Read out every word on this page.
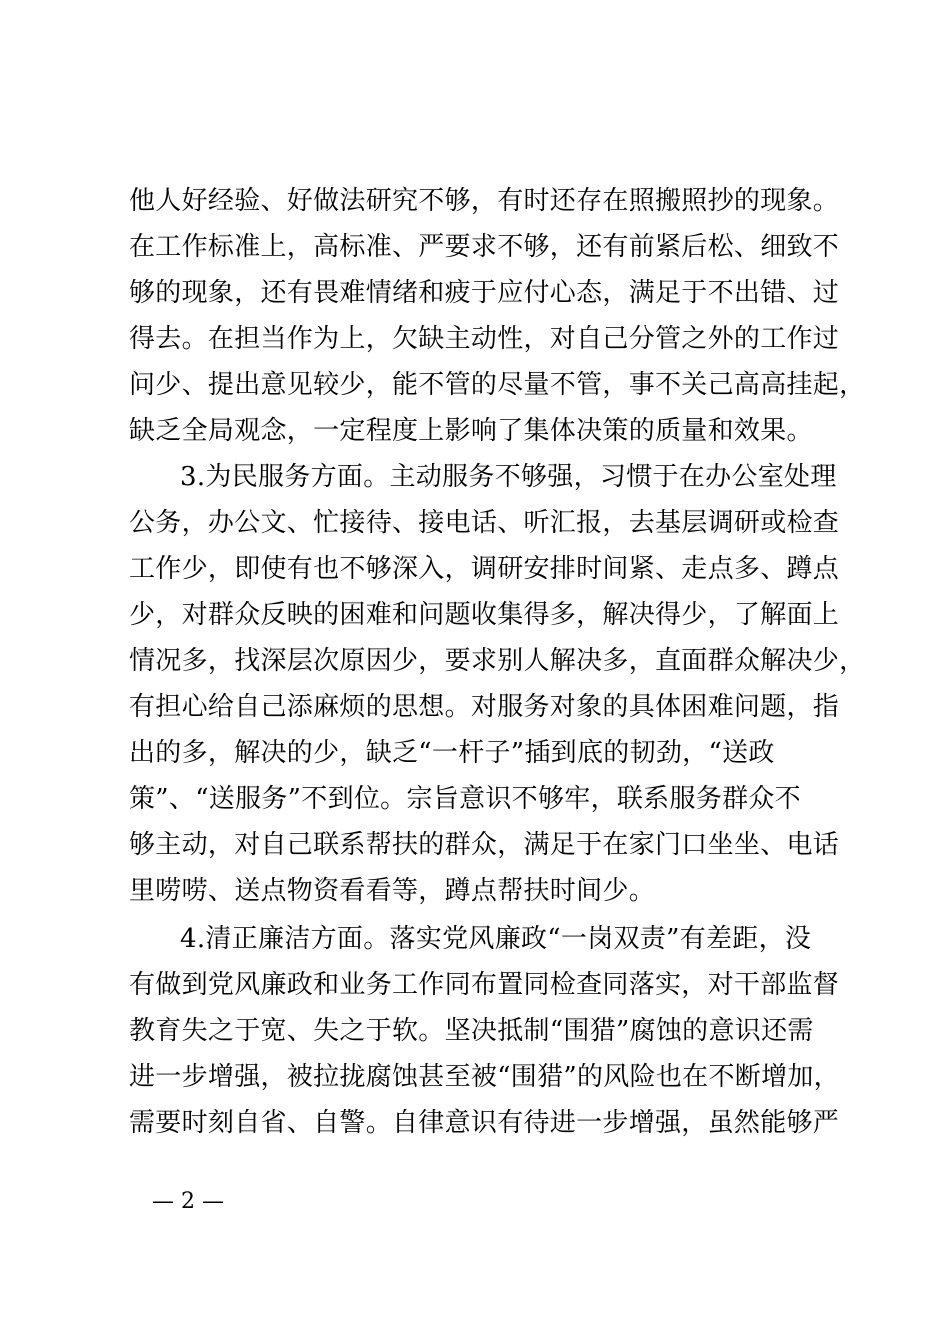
他人好经验、好做法研究不够，有时还存在照搬照抄的现象。
在工作标准上，高标准、严要求不够，还有前紧后松、细致不
够的现象，还有畏难情绪和疲于应付心态，满足于不出错、过
得去。在担当作为上，欠缺主动性，对自己分管之外的工作过
问少、提出意见较少，能不管的尽量不管，事不关己高高挂起，
缺乏全局观念，一定程度上影响了集体决策的质量和效果。
3.为民服务方面。主动服务不够强，习惯于在办公室处理
公务，办公文、忙接待、接电话、听汇报，去基层调研或检查
工作少，即使有也不够深入，调研安排时间紧、走点多、蹲点
少，对群众反映的困难和问题收集得多，解决得少，了解面上
情况多，找深层次原因少，要求别人解决多，直面群众解决少，
有担心给自己添麻烦的思想。对服务对象的具体困难问题，指
出的多，解决的少，缺乏“一杆子”插到底的韧劲，“送政
策”、“送服务”不到位。宗旨意识不够牢，联系服务群众不
够主动，对自己联系帮扶的群众，满足于在家门口坐坐、电话
里唠唠、送点物资看看等，蹲点帮扶时间少。
4.清正廉洁方面。落实党风廉政“一岗双责”有差距，没
有做到党风廉政和业务工作同布置同检查同落实，对干部监督
教育失之于宽、失之于软。坚决抵制“围猎”腐蚀的意识还需
进一步增强，被拉拢腐蚀甚至被“围猎”的风险也在不断增加，
需要时刻自省、自警。自律意识有待进一步增强，虽然能够严
— 2 —
